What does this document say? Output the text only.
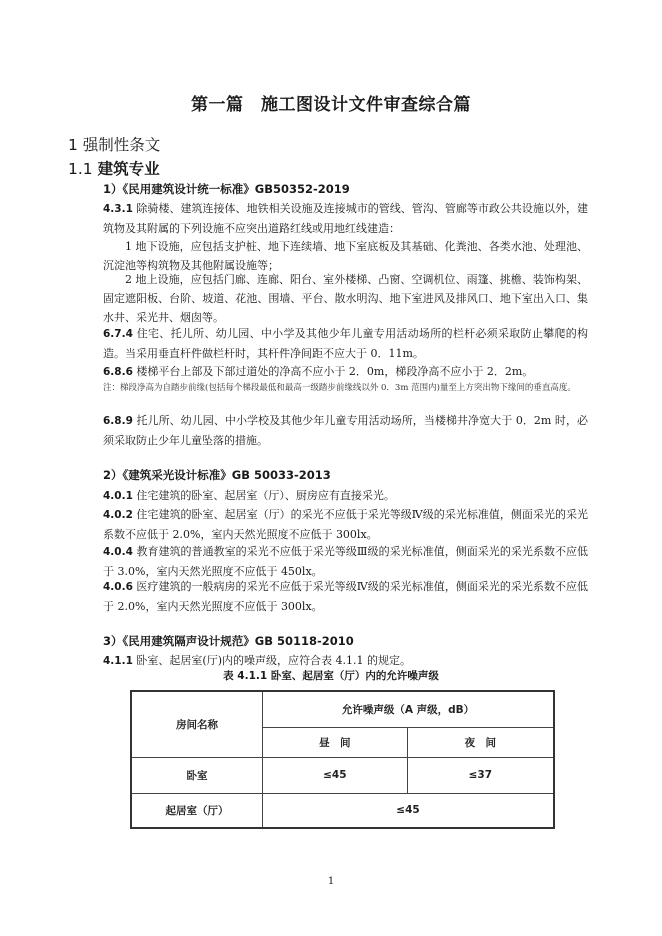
第一篇　施工图设计文件审查综合篇
1 强制性条文
1.1 建筑专业
1）《民用建筑设计统一标准》GB50352-2019
4.3.1 除骑楼、建筑连接体、地铁相关设施及连接城市的管线、管沟、管廊等市政公共设施以外，建筑物及其附属的下列设施不应突出道路红线或用地红线建造：
1 地下设施，应包括支护桩、地下连续墙、地下室底板及其基础、化粪池、各类水池、处理池、沉淀池等构筑物及其他附属设施等；
2 地上设施，应包括门廊、连廊、阳台、室外楼梯、凸窗、空调机位、雨篷、挑檐、装饰构架、固定遮阳板、台阶、坡道、花池、围墙、平台、散水明沟、地下室进风及排风口、地下室出入口、集水井、采光井、烟囱等。
6.7.4 住宅、托儿所、幼儿园、中小学及其他少年儿童专用活动场所的栏杆必须采取防止攀爬的构造。当采用垂直杆件做栏杆时，其杆件净间距不应大于 0．11m。
6.8.6 楼梯平台上部及下部过道处的净高不应小于 2．0m，梯段净高不应小于 2．2m。
注：梯段净高为自踏步前缘(包括每个梯段最低和最高一级踏步前缘线以外 0．3m 范围内)量至上方突出物下缘间的垂直高度。
6.8.9 托儿所、幼儿园、中小学校及其他少年儿童专用活动场所，当楼梯井净宽大于 0．2m 时，必须采取防止少年儿童坠落的措施。
2）《建筑采光设计标准》GB 50033-2013
4.0.1 住宅建筑的卧室、起居室（厅）、厨房应有直接采光。
4.0.2 住宅建筑的卧室、起居室（厅）的采光不应低于采光等级Ⅳ级的采光标准值，侧面采光的采光系数不应低于 2.0%，室内天然光照度不应低于 300lx。
4.0.4 教育建筑的普通教室的采光不应低于采光等级Ⅲ级的采光标准值，侧面采光的采光系数不应低于 3.0%，室内天然光照度不应低于 450lx。
4.0.6 医疗建筑的一般病房的采光不应低于采光等级Ⅳ级的采光标准值，侧面采光的采光系数不应低于 2.0%，室内天然光照度不应低于 300lx。
3）《民用建筑隔声设计规范》GB 50118-2010
4.1.1 卧室、起居室(厅)内的噪声级，应符合表 4.1.1 的规定。
表 4.1.1 卧室、起居室（厅）内的允许噪声级
房间名称	允许噪声级（A 声级，dB）	
	昼　间	夜　间
卧室	≤45	≤37
起居室（厅）	≤45	
1
